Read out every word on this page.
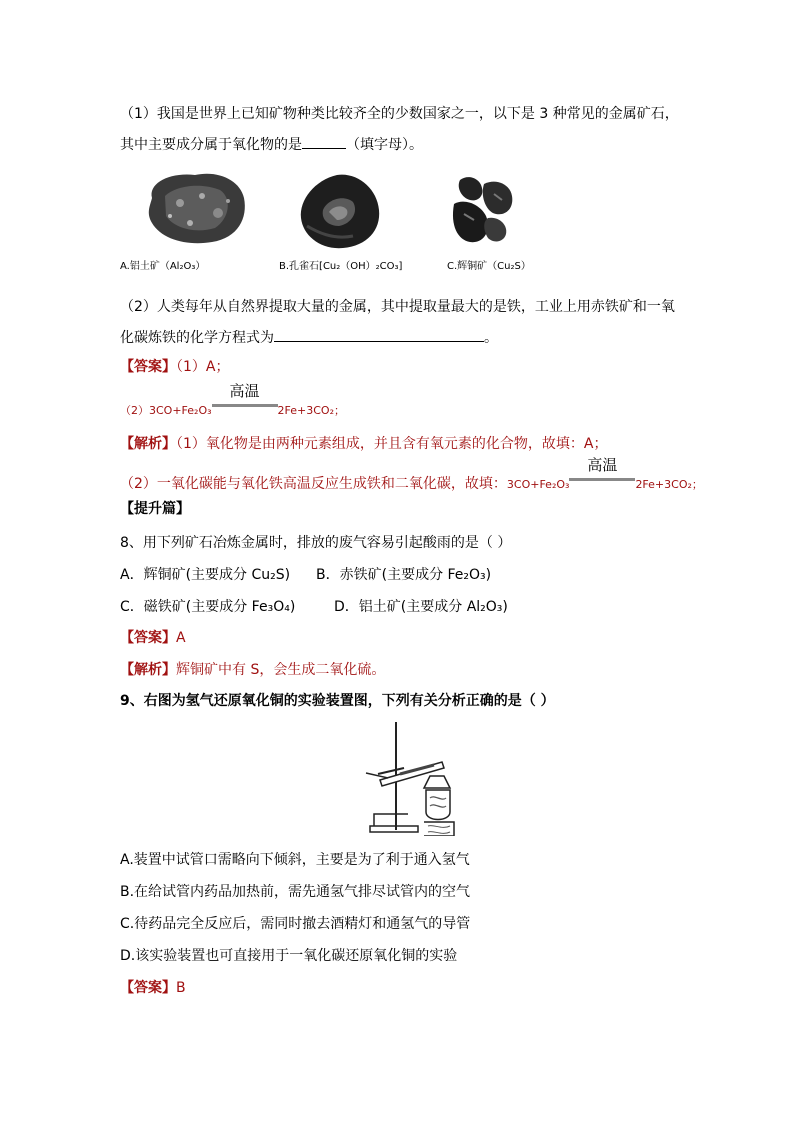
（1）我国是世界上已知矿物种类比较齐全的少数国家之一，以下是 3 种常见的金属矿石，
其中主要成分属于氧化物的是	（填字母）。
A.铝土矿（Al₂O₃）	B.孔雀石[Cu₂（OH）₂CO₃]	C.辉铜矿（Cu₂S）
（2）人类每年从自然界提取大量的金属，其中提取量最大的是铁，工业上用赤铁矿和一氧
化碳炼铁的化学方程式为	。
【答案】（1）A；
（2）3CO+Fe₂O₃
高温
2Fe+3CO₂；
【解析】（1）氧化物是由两种元素组成，并且含有氧元素的化合物，故填：A；
（2）一氧化碳能与氧化铁高温反应生成铁和二氧化碳，故填：3CO+Fe₂O₃
高温
2Fe+3CO₂；
【提升篇】
8、用下列矿石冶炼金属时，排放的废气容易引起酸雨的是（ ）
A．辉铜矿(主要成分 Cu₂S) B．赤铁矿(主要成分 Fe₂O₃)
C．磁铁矿(主要成分 Fe₃O₄)	D．铝土矿(主要成分 Al₂O₃)
【答案】A
【解析】辉铜矿中有 S，会生成二氧化硫。
9、右图为氢气还原氧化铜的实验装置图，下列有关分析正确的是（ ）
A.装置中试管口需略向下倾斜，主要是为了利于通入氢气
B.在给试管内药品加热前，需先通氢气排尽试管内的空气
C.待药品完全反应后，需同时撤去酒精灯和通氢气的导管
D.该实验装置也可直接用于一氧化碳还原氧化铜的实验
【答案】B
